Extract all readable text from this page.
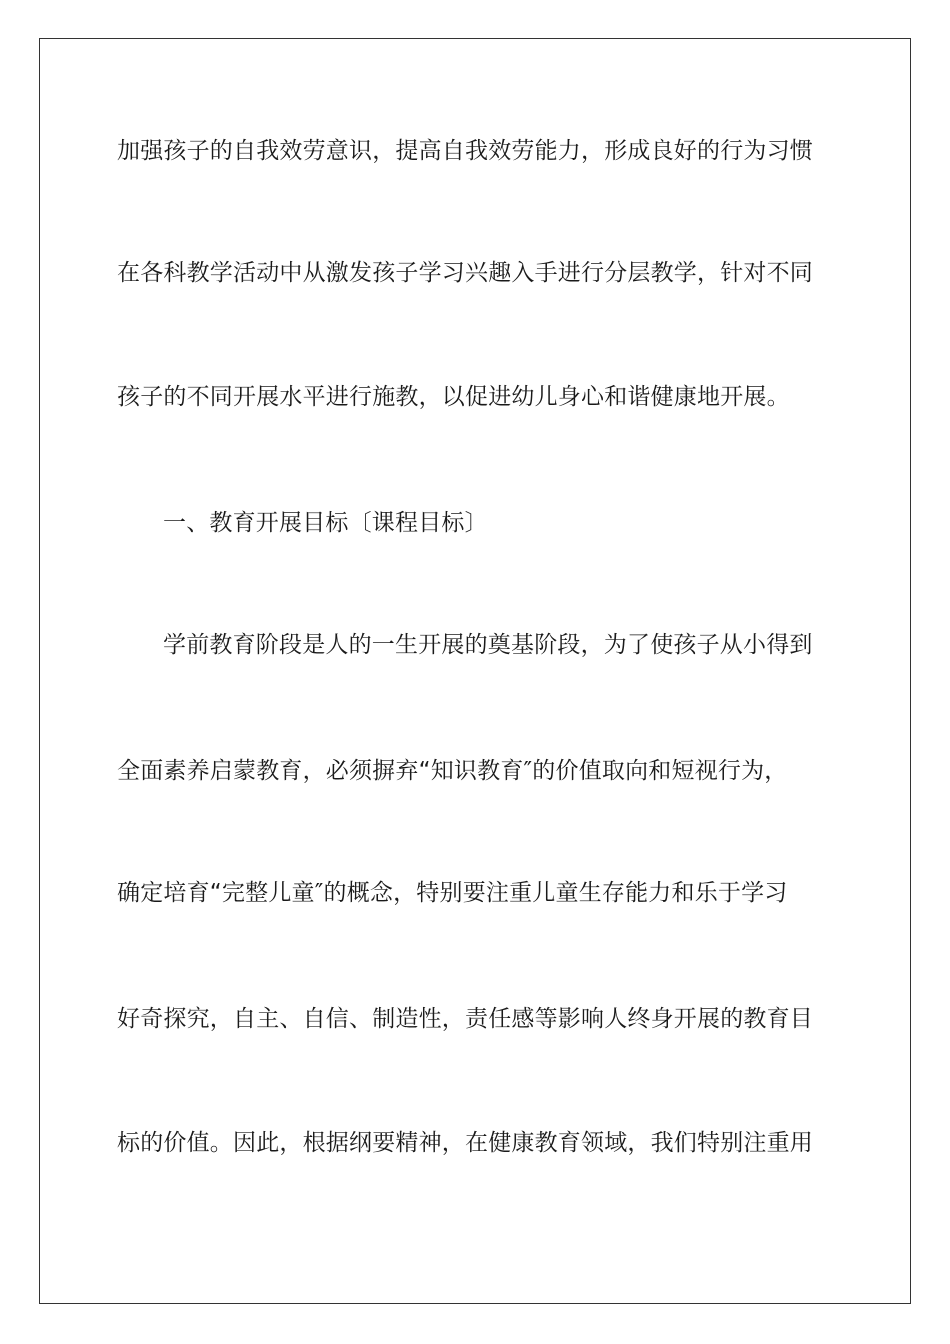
加强孩子的自我效劳意识，提高自我效劳能力，形成良好的行为习惯
在各科教学活动中从激发孩子学习兴趣入手进行分层教学，针对不同
孩子的不同开展水平进行施教，以促进幼儿身心和谐健康地开展。
一、教育开展目标〔课程目标〕
学前教育阶段是人的一生开展的奠基阶段，为了使孩子从小得到
全面素养启蒙教育，必须摒弃“知识教育″的价值取向和短视行为，
确定培育“完整儿童″的概念，特别要注重儿童生存能力和乐于学习
好奇探究，自主、自信、制造性，责任感等影响人终身开展的教育目
标的价值。因此，根据纲要精神，在健康教育领域，我们特别注重用
